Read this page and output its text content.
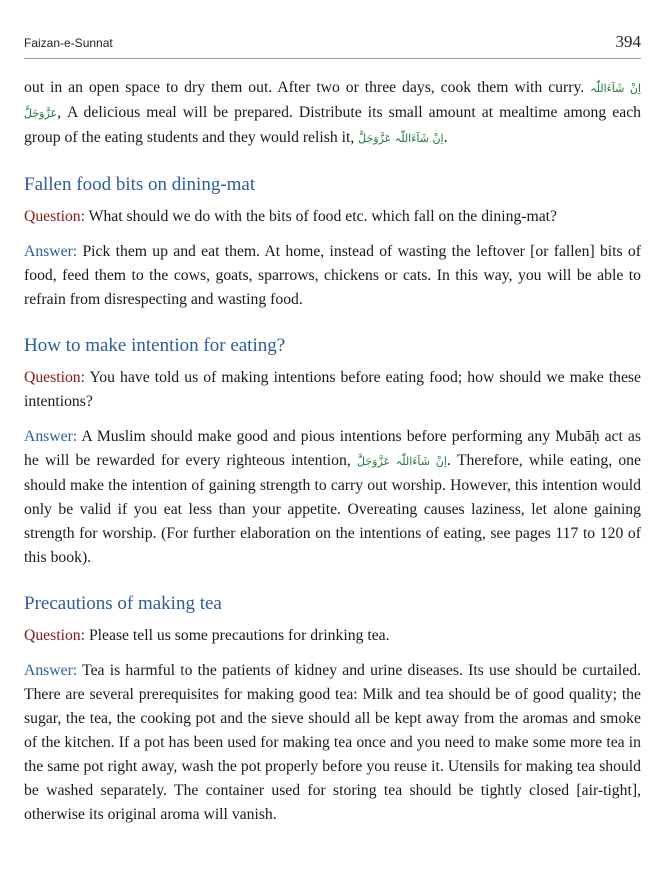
Faizan-e-Sunnat	394

out in an open space to dry them out. After two or three days, cook them with curry. اِنْ شَآءَاللّٰہ عَزَّوَجَلَّ, A delicious meal will be prepared. Distribute its small amount at mealtime among each group of the eating students and they would relish it, اِنْ شَآءَاللّٰہ عَزَّوَجَلَّ.

Fallen food bits on dining-mat

Question: What should we do with the bits of food etc. which fall on the dining-mat?

Answer: Pick them up and eat them. At home, instead of wasting the leftover [or fallen] bits of food, feed them to the cows, goats, sparrows, chickens or cats. In this way, you will be able to refrain from disrespecting and wasting food.

How to make intention for eating?

Question: You have told us of making intentions before eating food; how should we make these intentions?

Answer: A Muslim should make good and pious intentions before performing any Mubāḥ act as he will be rewarded for every righteous intention, اِنْ شَآءَاللّٰہ عَزَّوَجَلَّ. Therefore, while eating, one should make the intention of gaining strength to carry out worship. However, this intention would only be valid if you eat less than your appetite. Overeating causes laziness, let alone gaining strength for worship. (For further elaboration on the intentions of eating, see pages 117 to 120 of this book).

Precautions of making tea

Question: Please tell us some precautions for drinking tea.

Answer: Tea is harmful to the patients of kidney and urine diseases. Its use should be curtailed. There are several prerequisites for making good tea: Milk and tea should be of good quality; the sugar, the tea, the cooking pot and the sieve should all be kept away from the aromas and smoke of the kitchen. If a pot has been used for making tea once and you need to make some more tea in the same pot right away, wash the pot properly before you reuse it. Utensils for making tea should be washed separately. The container used for storing tea should be tightly closed [air-tight], otherwise its original aroma will vanish.
